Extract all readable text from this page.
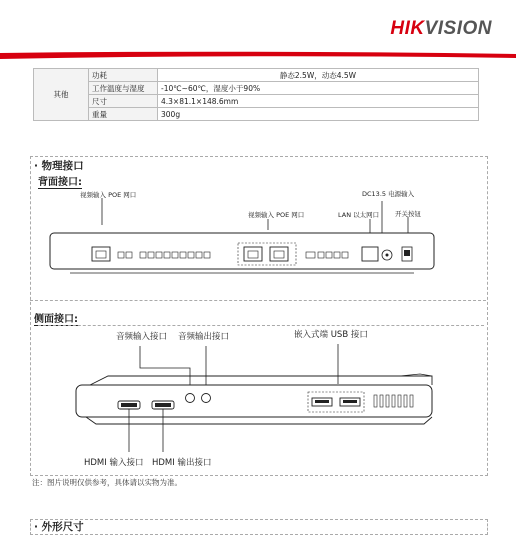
HIKVISION
其他	功耗	静态2.5W，动态4.5W
	工作温度与湿度	-10℃~60℃，湿度小于90%
	尺寸	4.3×81.1×148.6mm
	重量	300g
· 物理接口
背面接口:
视频输入 POE 网口
视频输入 POE 网口
DC13.5 电源输入
LAN 以太网口 开关按钮
侧面接口:
音频输入接口 音频输出接口	嵌入式端 USB 接口
HDMI 输入接口 HDMI 输出接口
注：图片说明仅供参考，具体请以实物为准。
· 外形尺寸
